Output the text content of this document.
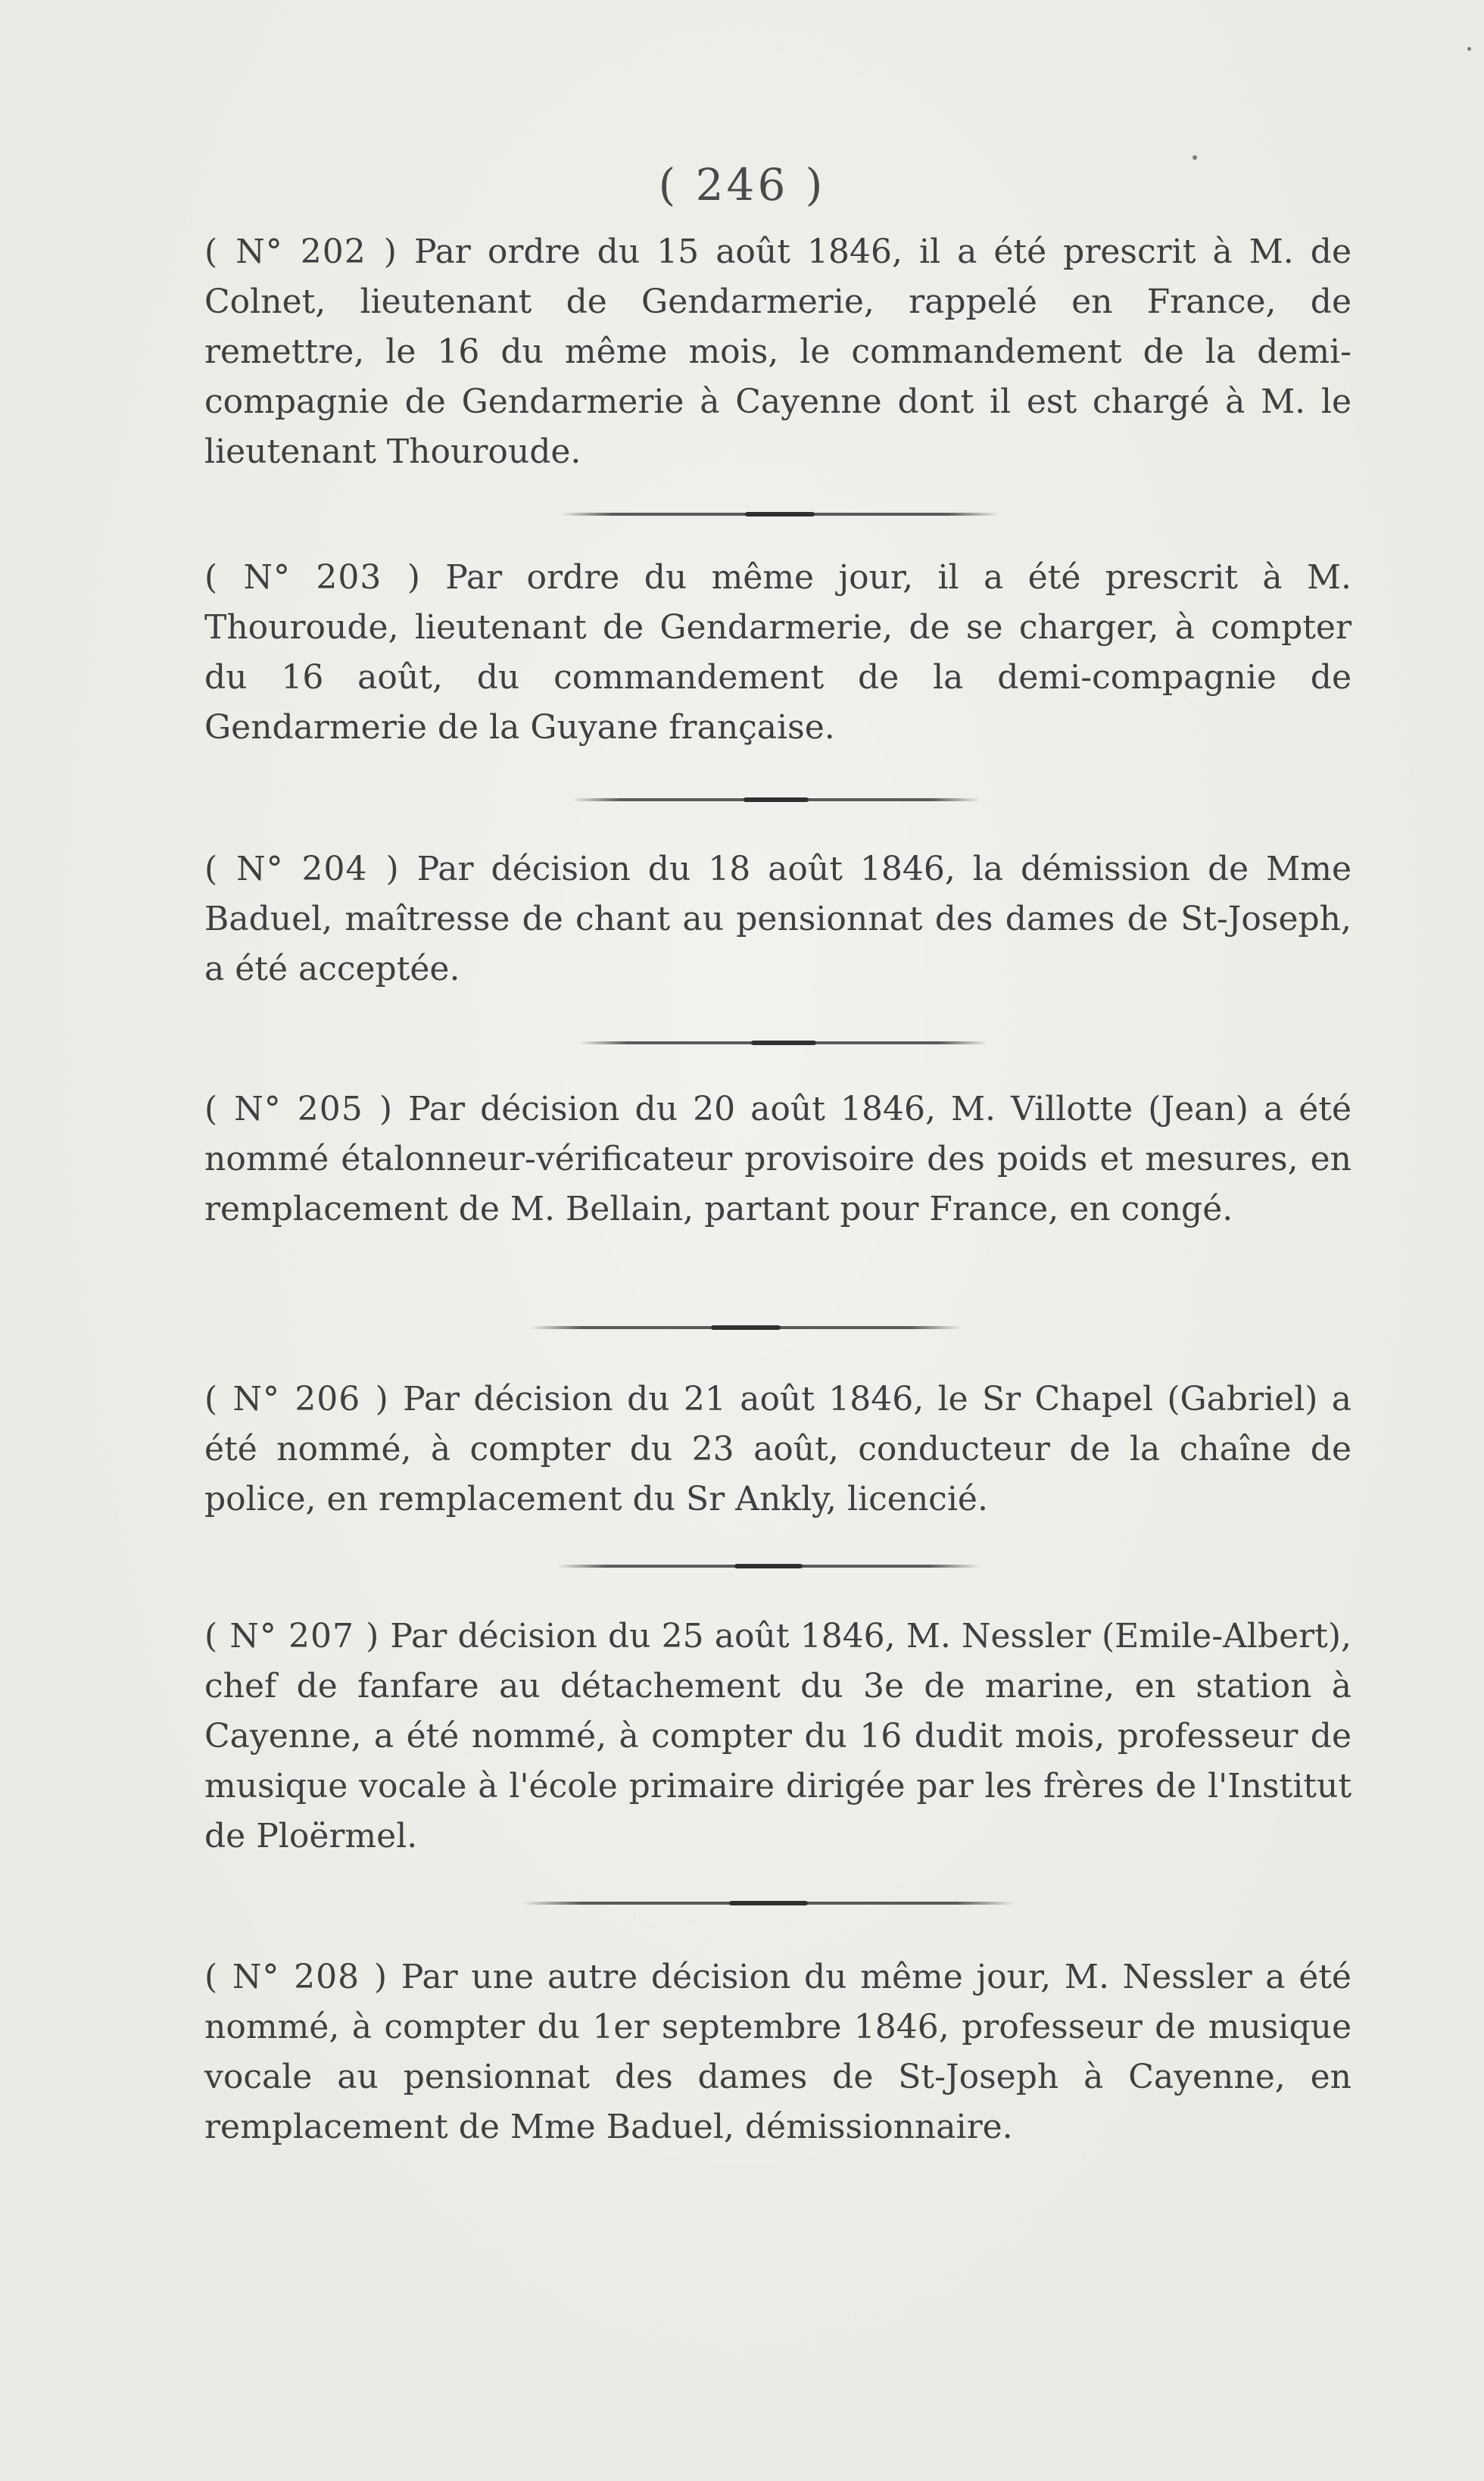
( 246 )
( N° 202 ) Par ordre du 15 août 1846, il a été prescrit à M. de Colnet, lieutenant de Gendarmerie, rappelé en France, de remettre, le 16 du même mois, le commandement de la demi-compagnie de Gendarmerie à Cayenne dont il est chargé à M. le lieutenant Thouroude.
( N° 203 ) Par ordre du même jour, il a été prescrit à M. Thouroude, lieutenant de Gendarmerie, de se charger, à compter du 16 août, du commandement de la demi-compagnie de Gendarmerie de la Guyane française.
( N° 204 ) Par décision du 18 août 1846, la démission de Mme Baduel, maîtresse de chant au pensionnat des dames de St-Joseph, a été acceptée.
( N° 205 ) Par décision du 20 août 1846, M. Villotte (Jean) a été nommé étalonneur-vérificateur provisoire des poids et mesures, en remplacement de M. Bellain, partant pour France, en congé.
( N° 206 ) Par décision du 21 août 1846, le Sr Chapel (Gabriel) a été nommé, à compter du 23 août, conducteur de la chaîne de police, en remplacement du Sr Ankly, licencié.
( N° 207 ) Par décision du 25 août 1846, M. Nessler (Emile-Albert), chef de fanfare au détachement du 3e de marine, en station à Cayenne, a été nommé, à compter du 16 dudit mois, professeur de musique vocale à l'école primaire dirigée par les frères de l'Institut de Ploërmel.
( N° 208 ) Par une autre décision du même jour, M. Nessler a été nommé, à compter du 1er septembre 1846, professeur de musique vocale au pensionnat des dames de St-Joseph à Cayenne, en remplacement de Mme Baduel, démissionnaire.
